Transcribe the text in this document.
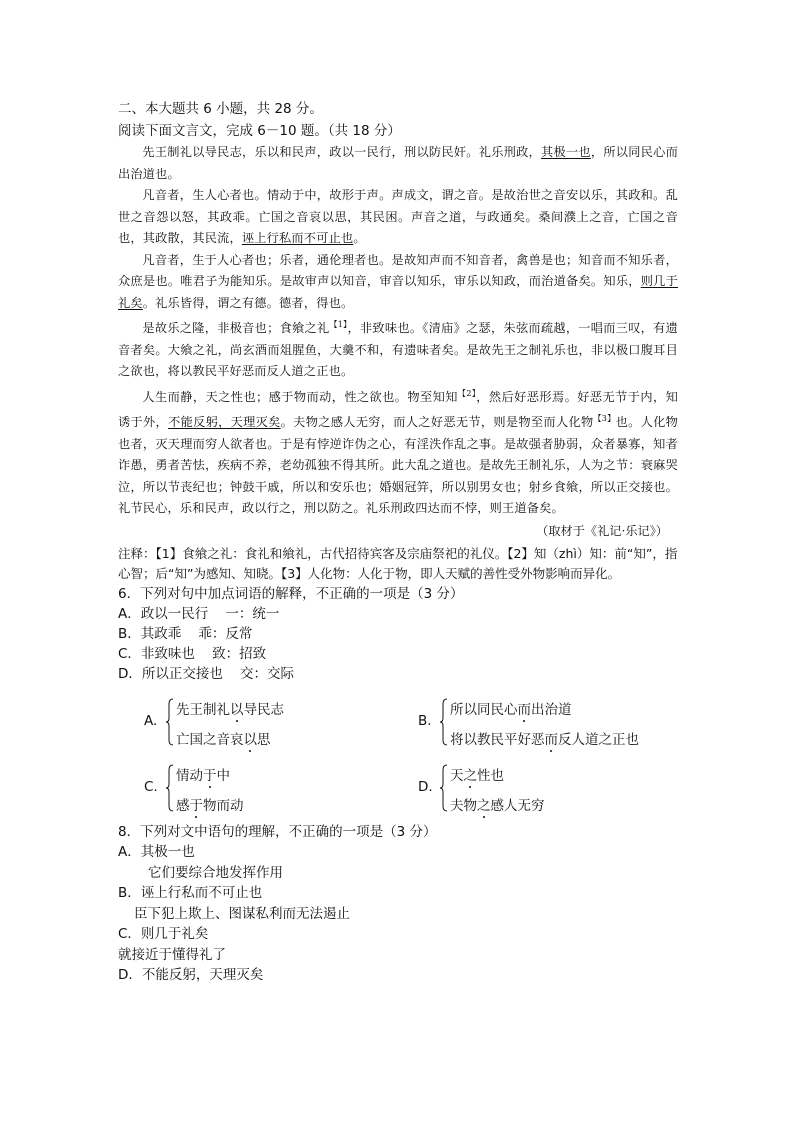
二、本大题共 6 小题，共 28 分。
阅读下面文言文，完成 6－10 题。（共 18 分）

先王制礼以导民志，乐以和民声，政以一民行，刑以防民奸。礼乐刑政，其极一也，所以同民心而出治道也。

凡音者，生人心者也。情动于中，故形于声。声成文，谓之音。是故治世之音安以乐，其政和。乱世之音怨以怒，其政乖。亡国之音哀以思，其民困。声音之道，与政通矣。桑间濮上之音，亡国之音也，其政散，其民流，诬上行私而不可止也。

凡音者，生于人心者也；乐者，通伦理者也。是故知声而不知音者，禽兽是也；知音而不知乐者，众庶是也。唯君子为能知乐。是故审声以知音，审音以知乐，审乐以知政，而治道备矣。知乐，则几于礼矣。礼乐皆得，谓之有德。德者，得也。

是故乐之隆，非极音也；食飨之礼$^{【1】}$，非致味也。《清庙》之瑟，朱弦而疏越，一唱而三叹，有遗音者矣。大飨之礼，尚玄酒而俎腥鱼，大羹不和，有遗味者矣。是故先王之制礼乐也，非以极口腹耳目之欲也，将以教民平好恶而反人道之正也。

人生而静，天之性也；感于物而动，性之欲也。物至知知$^{【2】}$，然后好恶形焉。好恶无节于内，知诱于外，不能反躬，天理灭矣。夫物之感人无穷，而人之好恶无节，则是物至而人化物$^{【3】}$也。人化物也者，灭天理而穷人欲者也。于是有悖逆诈伪之心，有淫泆作乱之事。是故强者胁弱，众者暴寡，知者诈愚，勇者苦怯，疾病不养，老幼孤独不得其所。此大乱之道也。是故先王制礼乐，人为之节：衰麻哭泣，所以节丧纪也；钟鼓干戚，所以和安乐也；婚姻冠笄，所以别男女也；射乡食飨，所以正交接也。礼节民心，乐和民声，政以行之，刑以防之。礼乐刑政四达而不悖，则王道备矣。

（取材于《礼记·乐记》）
注释：【1】食飨之礼：食礼和飨礼，古代招待宾客及宗庙祭祀的礼仪。【2】知（zhì）知：前“知”，指心智；后“知”为感知、知晓。【3】人化物：人化于物，即人天赋的善性受外物影响而异化。
6．下列对句中加点词语的解释，不正确的一项是（3 分）
A．政以一民行    一：统一
B．其政乖    乖：反常
C．非致味也    致：招致
D．所以正交接也    交：交际
A.
先王制礼以导民志
亡国之音哀以思
B.
所以同民心而出治道
将以教民平好恶而反人道之正也
C.
情动于中
感于物而动
D.
天之性也
夫物之感人无穷
8．下列对文中语句的理解，不正确的一项是（3 分）
A．其极一也
它们要综合地发挥作用
B．诬上行私而不可止也
臣下犯上欺上、图谋私利而无法遏止
C．则几于礼矣
就接近于懂得礼了
D．不能反躬，天理灭矣
